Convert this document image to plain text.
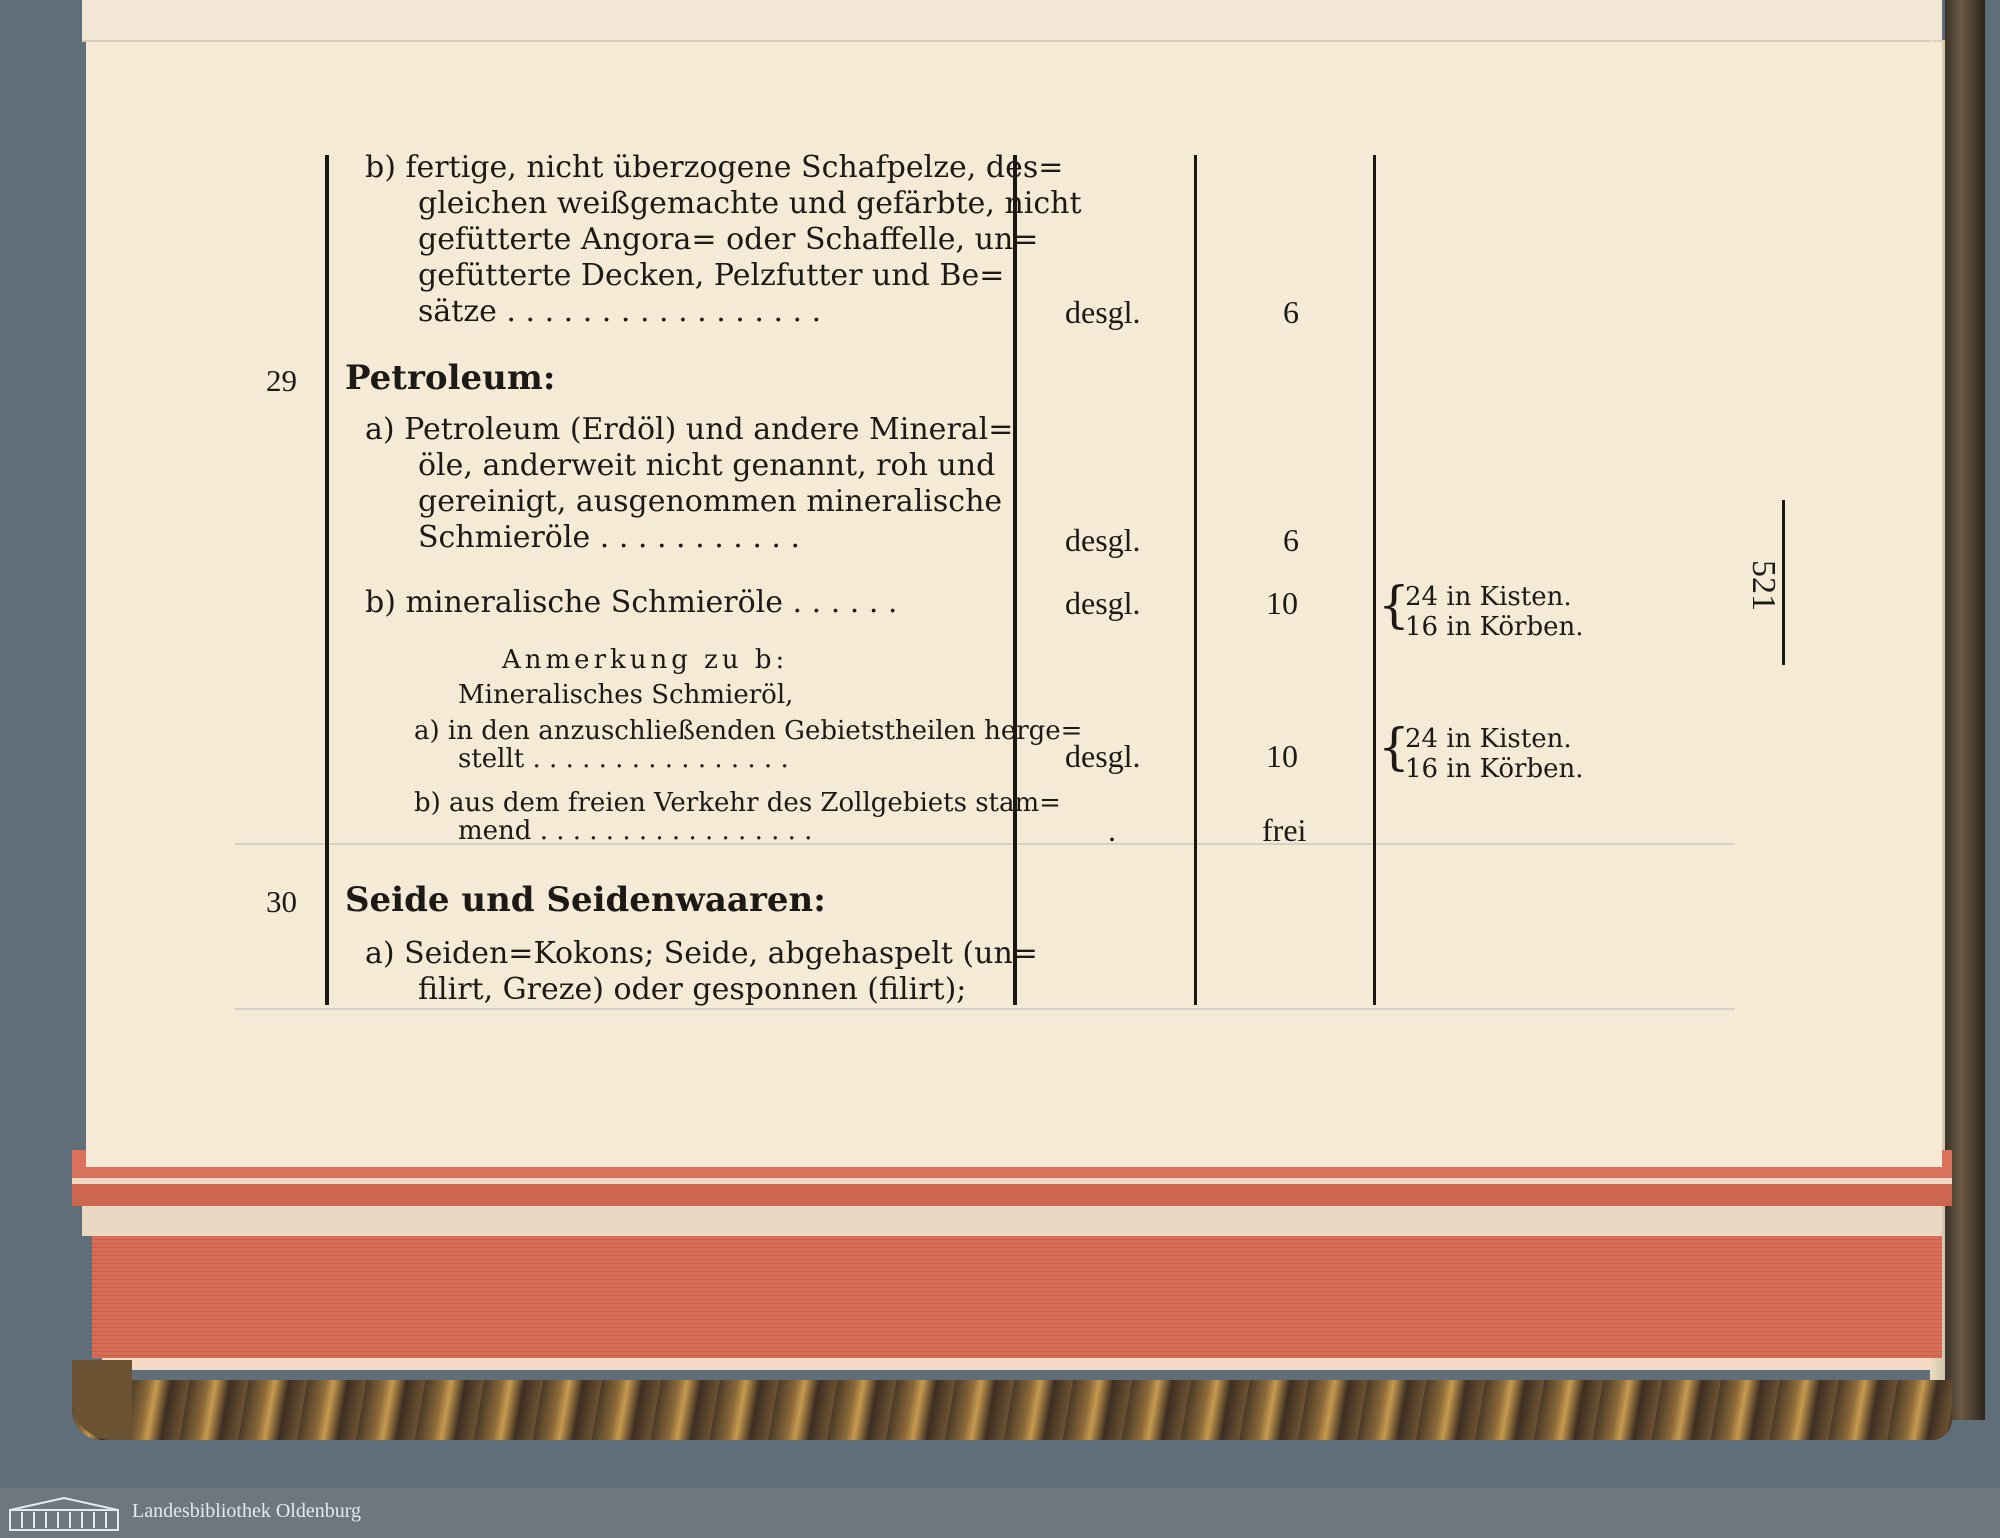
b) fertige, nicht überzogene Schafpelze, des=
gleichen weißgemachte und gefärbte, nicht
gefütterte Angora= oder Schaffelle, un=
gefütterte Decken, Pelzfutter und Be=
sätze . . . . . . . . . . . . . . . . .	desgl.	6
29 Petroleum:
a) Petroleum (Erdöl) und andere Mineral=
öle, anderweit nicht genannt, roh und
gereinigt, ausgenommen mineralische
Schmieröle . . . . . . . . . . .	desgl.	6
b) mineralische Schmieröle . . . . . .	desgl.	10 {
24 in Kisten.
16 in Körben.
Anmerkung zu b:
Mineralisches Schmieröl,
a) in den anzuschließenden Gebietstheilen herge=
stellt . . . . . . . . . . . . . . . .	desgl.	10 {
24 in Kisten.
16 in Körben.
b) aus dem freien Verkehr des Zollgebiets stam=
mend . . . . . . . . . . . . . . . . .	.	frei
30 Seide und Seidenwaaren:
a) Seiden=Kokons; Seide, abgehaspelt (un=
filirt, Greze) oder gesponnen (filirt);
521
Landesbibliothek Oldenburg
